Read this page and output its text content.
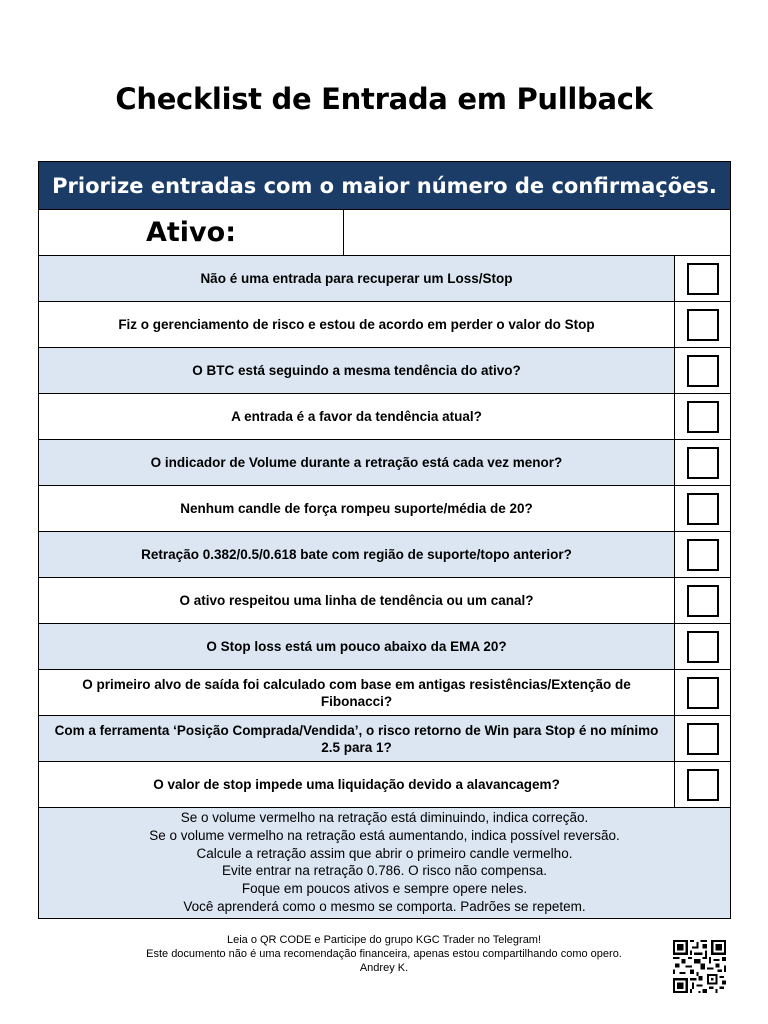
Checklist de Entrada em Pullback
Priorize entradas com o maior número de confirmações.
Ativo:
Não é uma entrada para recuperar um Loss/Stop
Fiz o gerenciamento de risco e estou de acordo em perder o valor do Stop
O BTC está seguindo a mesma tendência do ativo?
A entrada é a favor da tendência atual?
O indicador de Volume durante a retração está cada vez menor?
Nenhum candle de força rompeu suporte/média de 20?
Retração 0.382/0.5/0.618 bate com região de suporte/topo anterior?
O ativo respeitou uma linha de tendência ou um canal?
O Stop loss está um pouco abaixo da EMA 20?
O primeiro alvo de saída foi calculado com base em antigas resistências/Extenção de Fibonacci?
Com a ferramenta ‘Posição Comprada/Vendida’, o risco retorno de Win para Stop é no mínimo 2.5 para 1?
O valor de stop impede uma liquidação devido a alavancagem?
Se o volume vermelho na retração está diminuindo, indica correção.
Se o volume vermelho na retração está aumentando, indica possível reversão.
Calcule a retração assim que abrir o primeiro candle vermelho.
Evite entrar na retração 0.786. O risco não compensa.
Foque em poucos ativos e sempre opere neles.
Você aprenderá como o mesmo se comporta. Padrões se repetem.
Leia o QR CODE e Participe do grupo KGC Trader no Telegram!
Este documento não é uma recomendação financeira, apenas estou compartilhando como opero.
Andrey K.
